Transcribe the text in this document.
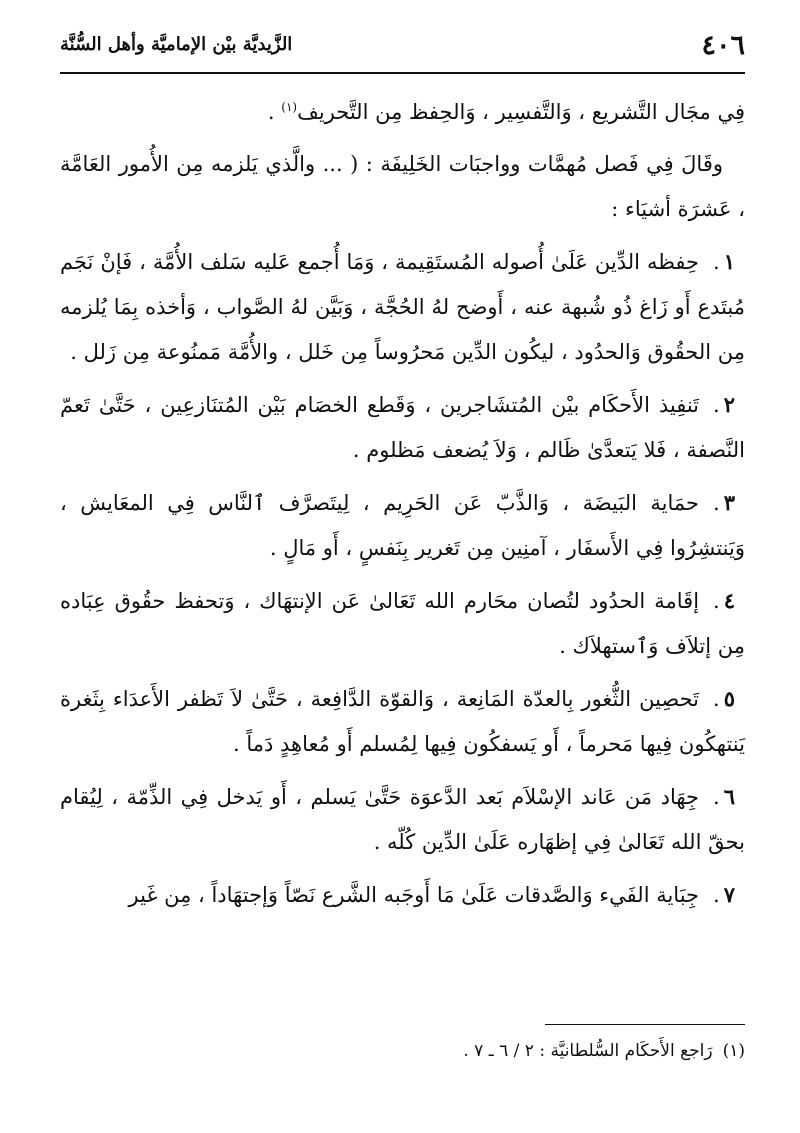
٤٠٦
الزَّيديَّة بيْن الإماميَّة وأهل السُّنَّة

فِي مجَال التَّشريع ، وَالتَّفسِير ، وَالحِفظ مِن التَّحريف$^{(١)}$ .

وقَالَ فِي فَصل مُهمَّات وواجبَات الخَلِيفَة : ( ... والَّذي يَلزمه مِن الأُمور العَامَّة ، عَشرَة أشيَاء :

١.حِفظه الدِّين عَلَىٰ أُصوله المُستَقِيمة ، وَمَا أُجمع عَليه سَلف الأُمَّة ، فَإنْ نَجَم مُبتَدع أَو زَاغ ذُو شُبهة عنه ، أَوضح لهُ الحُجَّة ، وَبَيَّن لهُ الصَّواب ، وَأخذه بِمَا يُلزمه مِن الحقُوق وَالحدُود ، ليكُون الدِّين مَحرُوساً مِن خَلل ، والأُمَّة مَمنُوعة مِن زَلل .

٢.تَنفِيذ الأَحكَام بيْن المُتشَاجرين ، وَقَطع الخصَام بَيْن المُتنَازعِين ، حَتَّىٰ تَعمّ النَّصفة ، فَلا يَتعدَّىٰ ظَالم ، وَلاَ يُضعف مَظلوم .

٣.حمَاية البَيضَة ، وَالذَّبّ عَن الحَرِيم ، لِيتَصرَّف ٱلنَّاس فِي المعَايش ، وَيَنتشِرُوا فِي الأَسفَار ، آمنِين مِن تَغرير بِنَفسٍ ، أَو مَالٍ .

٤.إقَامة الحدُود لتُصان محَارم الله تَعَالىٰ عَن الإنتهَاك ، وَتحفظ حقُوق عِبَاده مِن إتلاَف وَٱستهلاَك .

٥.تَحصِين الثُّغور بِالعدّة المَانِعة ، وَالقوّة الدَّافِعة ، حَتَّىٰ لاَ تَظفر الأَعدَاء بِثَغرة يَنتهكُون فِيها مَحرماً ، أَو يَسفكُون فِيها لِمُسلم أَو مُعاهِدٍ دَماً .

٦.جِهَاد مَن عَاند الإسْلاَم بَعد الدَّعوَة حَتَّىٰ يَسلم ، أَو يَدخل فِي الذِّمّة ، لِيُقام بحقّ الله تَعَالىٰ فِي إظهَاره عَلَىٰ الدِّين كُلّه .

٧.جِبَاية الفَيء وَالصَّدقات عَلَىٰ مَا أَوجَبه الشَّرع نَصّاً وَإجتهَاداً ، مِن غَير

(١)رَاجع الأَحكَام السُّلطانيَّة : ٢ / ٦ ـ ٧ .
